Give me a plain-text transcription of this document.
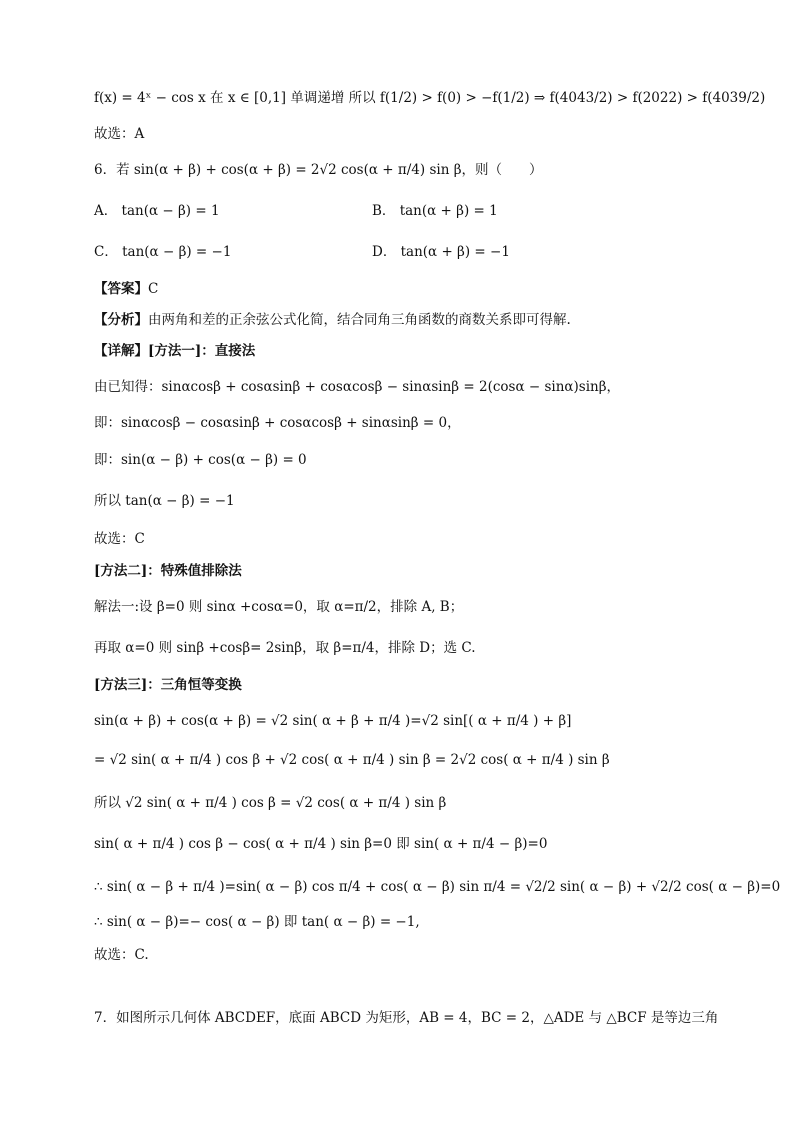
f(x) = 4ˣ − cos x 在 x ∈ [0,1] 单调递增 所以 f(1/2) > f(0) > −f(1/2) ⇒ f(4043/2) > f(2022) > f(4039/2)
故选：A
6．若 sin(α + β) + cos(α + β) = 2√2 cos(α + π/4) sin β，则（　　）
A． tan(α − β) = 1	B． tan(α + β) = 1
C． tan(α − β) = −1	D． tan(α + β) = −1
【答案】C
【分析】由两角和差的正余弦公式化简，结合同角三角函数的商数关系即可得解.
【详解】[方法一]：直接法
由已知得：sinαcosβ + cosαsinβ + cosαcosβ − sinαsinβ = 2(cosα − sinα)sinβ，
即：sinαcosβ − cosαsinβ + cosαcosβ + sinαsinβ = 0，
即：sin(α − β) + cos(α − β) = 0
所以 tan(α − β) = −1
故选：C
[方法二]：特殊值排除法
解法一:设 β=0 则 sinα +cosα=0，取 α=π/2，排除 A, B；
再取 α=0 则 sinβ +cosβ= 2sinβ，取 β=π/4，排除 D；选 C.
[方法三]：三角恒等变换
sin(α + β) + cos(α + β) = √2 sin( α + β + π/4 )=√2 sin[( α + π/4 ) + β]
= √2 sin( α + π/4 ) cos β + √2 cos( α + π/4 ) sin β = 2√2 cos( α + π/4 ) sin β
所以 √2 sin( α + π/4 ) cos β = √2 cos( α + π/4 ) sin β
sin( α + π/4 ) cos β − cos( α + π/4 ) sin β=0 即 sin( α + π/4 − β)=0
∴ sin( α − β + π/4 )=sin( α − β) cos π/4 + cos( α − β) sin π/4 = √2/2 sin( α − β) + √2/2 cos( α − β)=0
∴ sin( α − β)=− cos( α − β) 即 tan( α − β) = −1,
故选：C.
7．如图所示几何体 ABCDEF，底面 ABCD 为矩形，AB = 4，BC = 2，△ADE 与 △BCF 是等边三角
